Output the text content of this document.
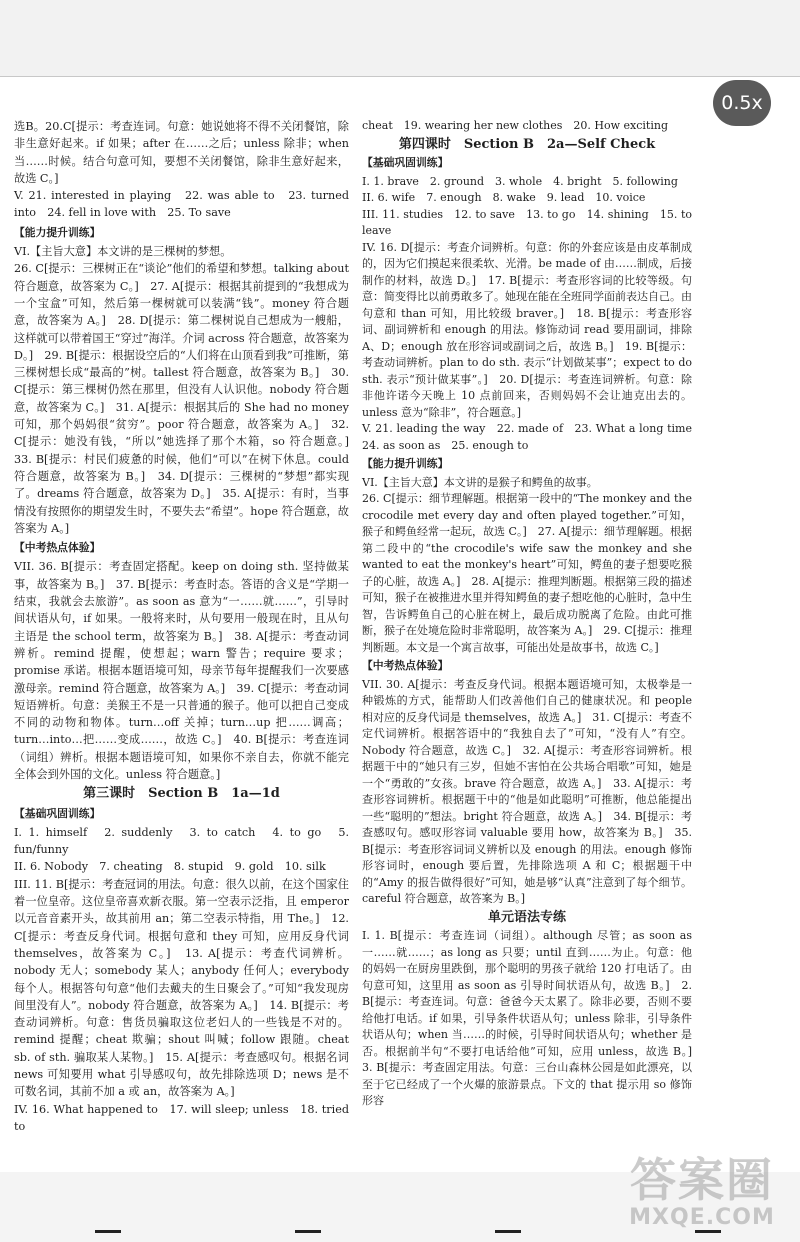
0.5x

选B。20.C[提示：考查连词。句意：她说她将不得不关闭餐馆，除非生意好起来。if 如果；after 在……之后；unless 除非；when 当……时候。结合句意可知，要想不关闭餐馆，除非生意好起来，故选 C。]

V. 21. interested in playing　22. was able to　23. turned into　24. fell in love with　25. To save

【能力提升训练】

VI.【主旨大意】本文讲的是三棵树的梦想。

26. C[提示：三棵树正在“谈论”他们的希望和梦想。talking about 符合题意，故答案为 C。]　27. A[提示：根据其前提到的“我想成为一个宝盒”可知，然后第一棵树就可以装满“钱”。money 符合题意，故答案为 A。]　28. D[提示：第二棵树说自己想成为一艘船，这样就可以带着国王“穿过”海洋。介词 across 符合题意，故答案为 D。]　29. B[提示：根据设空后的“人们将在山顶看到我”可推断，第三棵树想长成“最高的”树。tallest 符合题意，故答案为 B。]　30. C[提示：第三棵树仍然在那里，但没有人认识他。nobody 符合题意，故答案为 C。]　31. A[提示：根据其后的 She had no money 可知，那个妈妈很“贫穷”。poor 符合题意，故答案为 A。]　32. C[提示：她没有钱，“所以”她选择了那个木箱，so 符合题意。]　33. B[提示：村民们疲惫的时候，他们“可以”在树下休息。could 符合题意，故答案为 B。]　34. D[提示：三棵树的“梦想”都实现了。dreams 符合题意，故答案为 D。]　35. A[提示：有时，当事情没有按照你的期望发生时，不要失去“希望”。hope 符合题意，故答案为 A。]

【中考热点体验】

VII. 36. B[提示：考查固定搭配。keep on doing sth. 坚持做某事，故答案为 B。]　37. B[提示：考查时态。答语的含义是“学期一结束，我就会去旅游”。as soon as 意为“一……就……”，引导时间状语从句，if 如果。一般将来时，从句要用一般现在时，且从句主语是 the school term，故答案为 B。]　38. A[提示：考查动词辨析。remind 提醒，使想起；warn 警告；require 要求；promise 承诺。根据本题语境可知，母亲节每年提醒我们一次要感激母亲。remind 符合题意，故答案为 A。]　39. C[提示：考查动词短语辨析。句意：美猴王不是一只普通的猴子。他可以把自己变成不同的动物和物体。turn…off 关掉；turn…up 把……调高；turn…into…把……变成……，故选 C。]　40. B[提示：考查连词（词组）辨析。根据本题语境可知，如果你不亲自去，你就不能完全体会到外国的文化。unless 符合题意。]

第三课时　Section B　1a—1d
【基础巩固训练】

I. 1. himself　2. suddenly　3. to catch　4. to go　5. fun/funny

II. 6. Nobody　7. cheating　8. stupid　9. gold　10. silk

III. 11. B[提示：考查冠词的用法。句意：很久以前，在这个国家住着一位皇帝。这位皇帝喜欢新衣服。第一空表示泛指，且 emperor 以元音音素开头，故其前用 an；第二空表示特指，用 The。]　12. C[提示：考查反身代词。根据句意和 they 可知，应用反身代词 themselves，故答案为 C。]　13. A[提示：考查代词辨析。nobody 无人；somebody 某人；anybody 任何人；everybody 每个人。根据答句句意“他们去戴夫的生日聚会了。”可知“我发现房间里没有人”。nobody 符合题意，故答案为 A。]　14. B[提示：考查动词辨析。句意：售货员骗取这位老妇人的一些钱是不对的。remind 提醒；cheat 欺骗；shout 叫喊；follow 跟随。cheat sb. of sth. 骗取某人某物。]　15. A[提示：考查感叹句。根据名词 news 可知要用 what 引导感叹句，故先排除选项 D；news 是不可数名词，其前不加 a 或 an，故答案为 A。]

IV. 16. What happened to　17. will sleep; unless　18. tried to

cheat　19. wearing her new clothes　20. How exciting

第四课时　Section B　2a—Self Check
【基础巩固训练】

I. 1. brave　2. ground　3. whole　4. bright　5. following

II. 6. wife　7. enough　8. wake　9. lead　10. voice

III. 11. studies　12. to save　13. to go　14. shining　15. to leave

IV. 16. D[提示：考查介词辨析。句意：你的外套应该是由皮革制成的，因为它们摸起来很柔软、光滑。be made of 由……制成，后接制作的材料，故选 D。]　17. B[提示：考查形容词的比较等级。句意：简变得比以前勇敢多了。她现在能在全班同学面前表达自己。由句意和 than 可知，用比较级 braver。]　18. B[提示：考查形容词、副词辨析和 enough 的用法。修饰动词 read 要用副词，排除 A、D；enough 放在形容词或副词之后，故选 B。]　19. B[提示：考查动词辨析。plan to do sth. 表示“计划做某事”；expect to do sth. 表示“预计做某事”。]　20. D[提示：考查连词辨析。句意：除非他许诺今天晚上 10 点前回来，否则妈妈不会让迪克出去的。unless 意为“除非”，符合题意。]

V. 21. leading the way　22. made of　23. What a long time　24. as soon as　25. enough to

【能力提升训练】

VI.【主旨大意】本文讲的是猴子和鳄鱼的故事。

26. C[提示：细节理解题。根据第一段中的“The monkey and the crocodile met every day and often played together.”可知，猴子和鳄鱼经常一起玩，故选 C。]　27. A[提示：细节理解题。根据第二段中的“the crocodile's wife saw the monkey and she wanted to eat the monkey's heart”可知，鳄鱼的妻子想要吃猴子的心脏，故选 A。]　28. A[提示：推理判断题。根据第三段的描述可知，猴子在被推进水里并得知鳄鱼的妻子想吃他的心脏时，急中生智，告诉鳄鱼自己的心脏在树上，最后成功脱离了危险。由此可推断，猴子在处境危险时非常聪明，故答案为 A。]　29. C[提示：推理判断题。本文是一个寓言故事，可能出处是故事书，故选 C。]

【中考热点体验】

VII. 30. A[提示：考查反身代词。根据本题语境可知，太极拳是一种锻炼的方式，能帮助人们改善他们自己的健康状况。和 people 相对应的反身代词是 themselves，故选 A。]　31. C[提示：考查不定代词辨析。根据答语中的“我独自去了”可知，“没有人”有空。Nobody 符合题意，故选 C。]　32. A[提示：考查形容词辨析。根据题干中的“她只有三岁，但她不害怕在公共场合唱歌”可知，她是一个“勇敢的”女孩。brave 符合题意，故选 A。]　33. A[提示：考查形容词辨析。根据题干中的“他是如此聪明”可推断，他总能提出一些“聪明的”想法。bright 符合题意，故选 A。]　34. B[提示：考查感叹句。感叹形容词 valuable 要用 how，故答案为 B。]　35. B[提示：考查形容词词义辨析以及 enough 的用法。enough 修饰形容词时，enough 要后置，先排除选项 A 和 C；根据题干中的“Amy 的报告做得很好”可知，她是够“认真”注意到了每个细节。careful 符合题意，故答案为 B。]

单元语法专练

I. 1. B[提示：考查连词（词组）。although 尽管；as soon as 一……就……；as long as 只要；until 直到……为止。句意：他的妈妈一在厨房里跌倒，那个聪明的男孩子就给 120 打电话了。由句意可知，这里用 as soon as 引导时间状语从句，故选 B。]　2. B[提示：考查连词。句意：爸爸今天太累了。除非必要，否则不要给他打电话。if 如果，引导条件状语从句；unless 除非，引导条件状语从句；when 当……的时候，引导时间状语从句；whether 是否。根据前半句“不要打电话给他”可知，应用 unless，故选 B。]　3. B[提示：考查固定用法。句意：三台山森林公园是如此漂亮，以至于它已经成了一个火爆的旅游景点。下文的 that 提示用 so 修饰形容

答案圈
MXQE.COM
